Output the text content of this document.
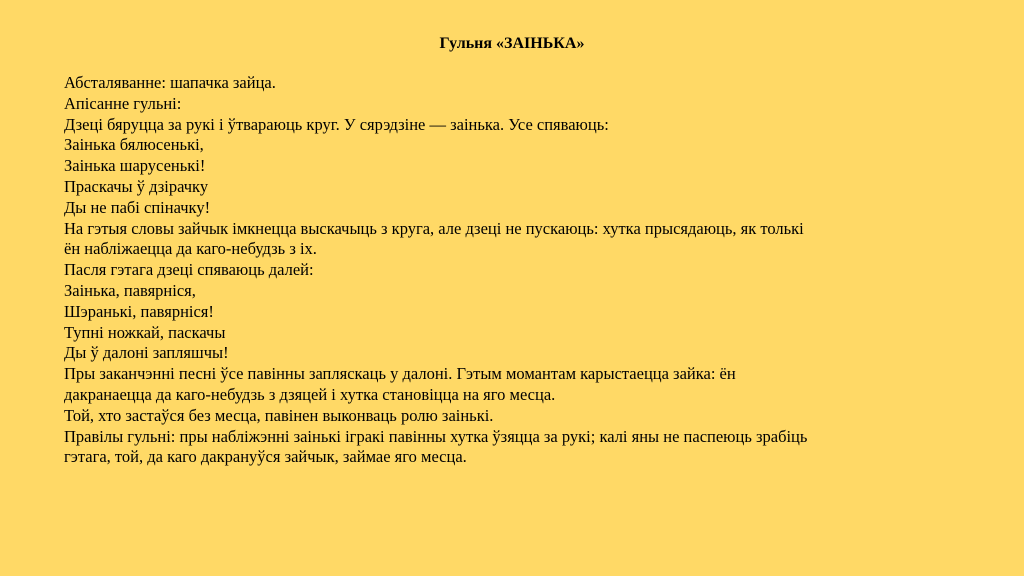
Гульня «ЗАІНЬКА»

Абсталяванне: шапачка зайца.

Апісанне гульні:

Дзеці бяруцца за рукі і ўтвараюць круг. У сярэдзіне — заінька. Усе спяваюць:

Заінька бялюсенькі,

Заінька шарусенькі!

Праскачы ў дзірачку

Ды не пабі спіначку!

На гэтыя словы зайчык імкнецца выскачыць з круга, але дзеці не пускаюць: хутка прысядаюць, як толькі

ён набліжаецца да каго-небудзь з іх.

Пасля гэтага дзеці спяваюць далей:

Заінька, павярніся,

Шэранькі, павярніся!

Тупні ножкай, паскачы

Ды ў далоні запляшчы!

Пры заканчэнні песні ўсе павінны запляскаць у далоні. Гэтым момантам карыстаецца зайка: ён

дакранаецца да каго-небудзь з дзяцей і хутка становіцца на яго месца.

Той, хто застаўся без месца, павінен выконваць ролю заінькі.

Правілы гульні: пры набліжэнні заінькі ігракі павінны хутка ўзяцца за рукі; калі яны не паспеюць зрабіць

гэтага, той, да каго дакрануўся зайчык, займае яго месца.
